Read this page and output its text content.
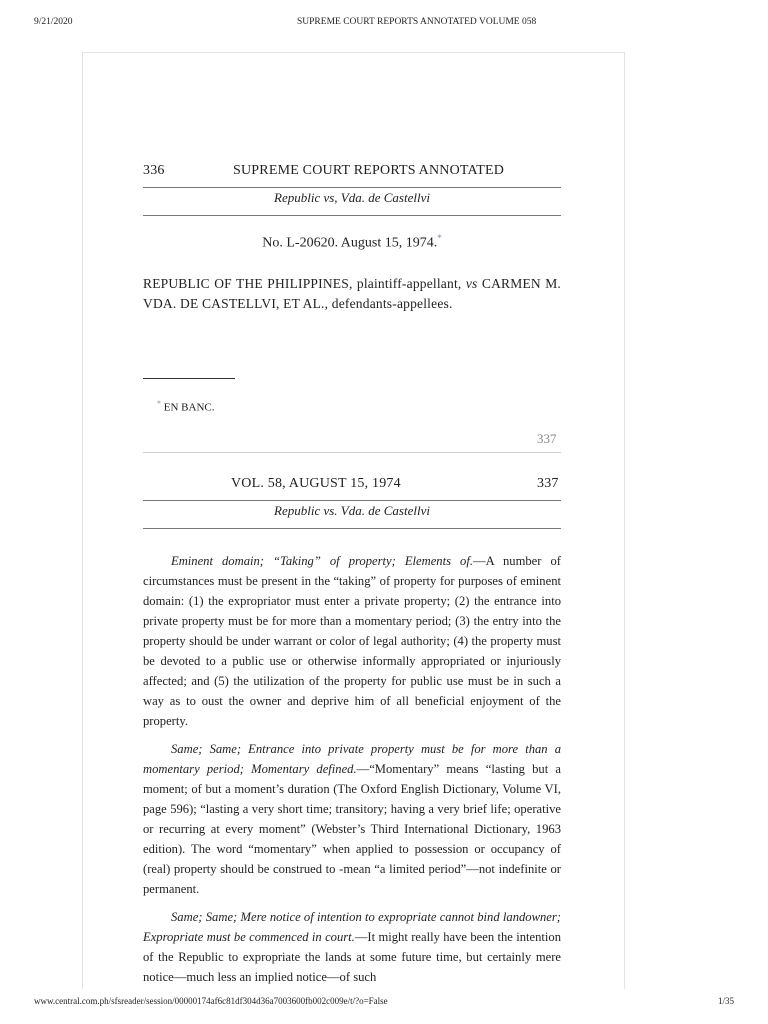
9/21/2020	SUPREME COURT REPORTS ANNOTATED VOLUME 058
336	SUPREME COURT REPORTS ANNOTATED
Republic vs, Vda. de Castellvi
No. L-20620. August 15, 1974.*
REPUBLIC OF THE PHILIPPINES, plaintiff-appellant, vs CARMEN M. VDA. DE CASTELLVI, ET AL., defendants-appellees.
* EN BANC.
337
VOL. 58, AUGUST 15, 1974	337
Republic vs. Vda. de Castellvi

Eminent domain; “Taking” of property; Elements of.—A number of circumstances must be present in the “taking” of property for purposes of eminent domain: (1) the expropriator must enter a private property; (2) the entrance into private property must be for more than a momentary period; (3) the entry into the property should be under warrant or color of legal authority; (4) the property must be devoted to a public use or otherwise informally appropriated or injuriously affected; and (5) the utilization of the property for public use must be in such a way as to oust the owner and deprive him of all beneficial enjoyment of the property.

Same; Same; Entrance into private property must be for more than a momentary period; Momentary defined.—“Momentary” means “lasting but a moment; of but a moment’s duration (The Oxford English Dictionary, Volume VI, page 596); “lasting a very short time; transitory; having a very brief life; operative or recurring at every moment” (Webster’s Third International Dictionary, 1963 edition). The word “momentary” when applied to possession or occupancy of (real) property should be construed to -mean “a limited period”—not indefinite or permanent.

Same; Same; Mere notice of intention to expropriate cannot bind landowner; Expropriate must be commenced in court.—It might really have been the intention of the Republic to expropriate the lands at some future time, but certainly mere notice—much less an implied notice—of such

www.central.com.ph/sfsreader/session/00000174af6c81df304d36a7003600fb002c009e/t/?o=False	1/35
